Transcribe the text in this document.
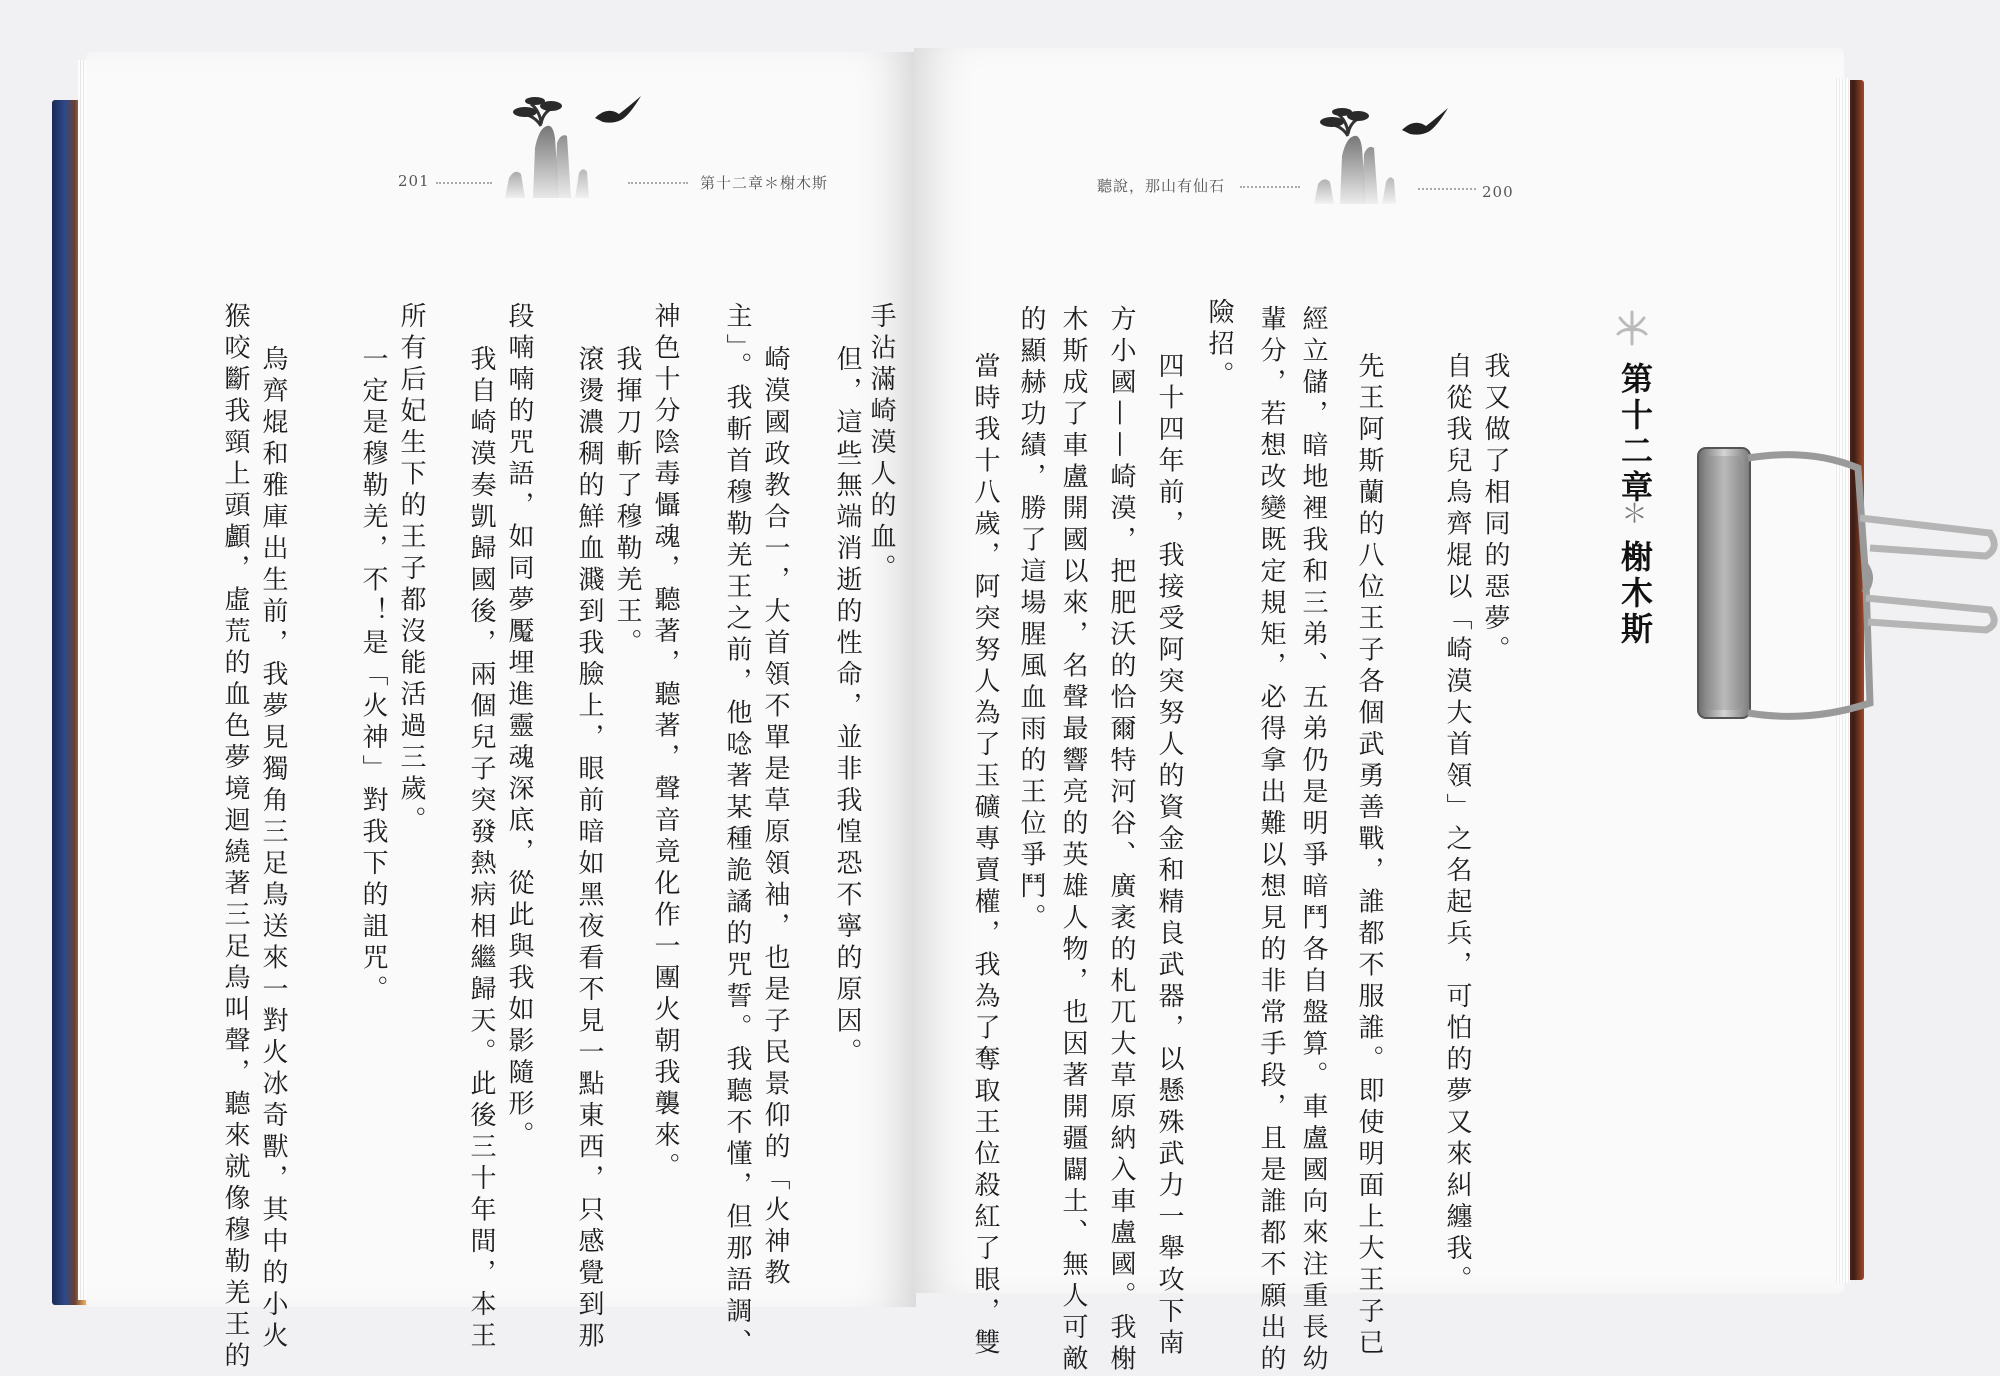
201	第十二章＊榭木斯	聽說，那山有仙石	200
第十二章
＊
榭木斯
手沾滿崎漠人的血。
但，這些無端消逝的性命，並非我惶恐不寧的原因。
崎漠國政教合一，大首領不單是草原領袖，也是子民景仰的「火神教
主」。我斬首穆勒羌王之前，他唸著某種詭譎的咒誓。我聽不懂，但那語調、
神色十分陰毒懾魂，聽著，聽著，聲音竟化作一團火朝我襲來。
我揮刀斬了穆勒羌王。
滾燙濃稠的鮮血濺到我臉上，眼前暗如黑夜看不見一點東西，只感覺到那
段喃喃的咒語，如同夢魘埋進靈魂深底，從此與我如影隨形。
我自崎漠奏凱歸國後，兩個兒子突發熱病相繼歸天。此後三十年間，本王
所有后妃生下的王子都沒能活過三歲。
一定是穆勒羌，不！是「火神」對我下的詛咒。
烏齊焜和雅庫出生前，我夢見獨角三足鳥送來一對火冰奇獸，其中的小火
猴咬斷我頸上頭顱，虛荒的血色夢境迴繞著三足鳥叫聲，聽來就像穆勒羌王的	我又做了相同的惡夢。
自從我兒烏齊焜以「崎漠大首領」之名起兵，可怕的夢又來糾纏我。
先王阿斯蘭的八位王子各個武勇善戰，誰都不服誰。即使明面上大王子已
經立儲，暗地裡我和三弟、五弟仍是明爭暗鬥各自盤算。車盧國向來注重長幼
輩分，若想改變既定規矩，必得拿出難以想見的非常手段，且是誰都不願出的
險招。
四十四年前，我接受阿突努人的資金和精良武器，以懸殊武力一舉攻下南
方小國——崎漠，把肥沃的恰爾特河谷、廣袤的札兀大草原納入車盧國。我榭
木斯成了車盧開國以來，名聲最響亮的英雄人物，也因著開疆闢土、無人可敵
的顯赫功績，勝了這場腥風血雨的王位爭鬥。
當時我十八歲，阿突努人為了玉礦專賣權，我為了奪取王位殺紅了眼，雙
